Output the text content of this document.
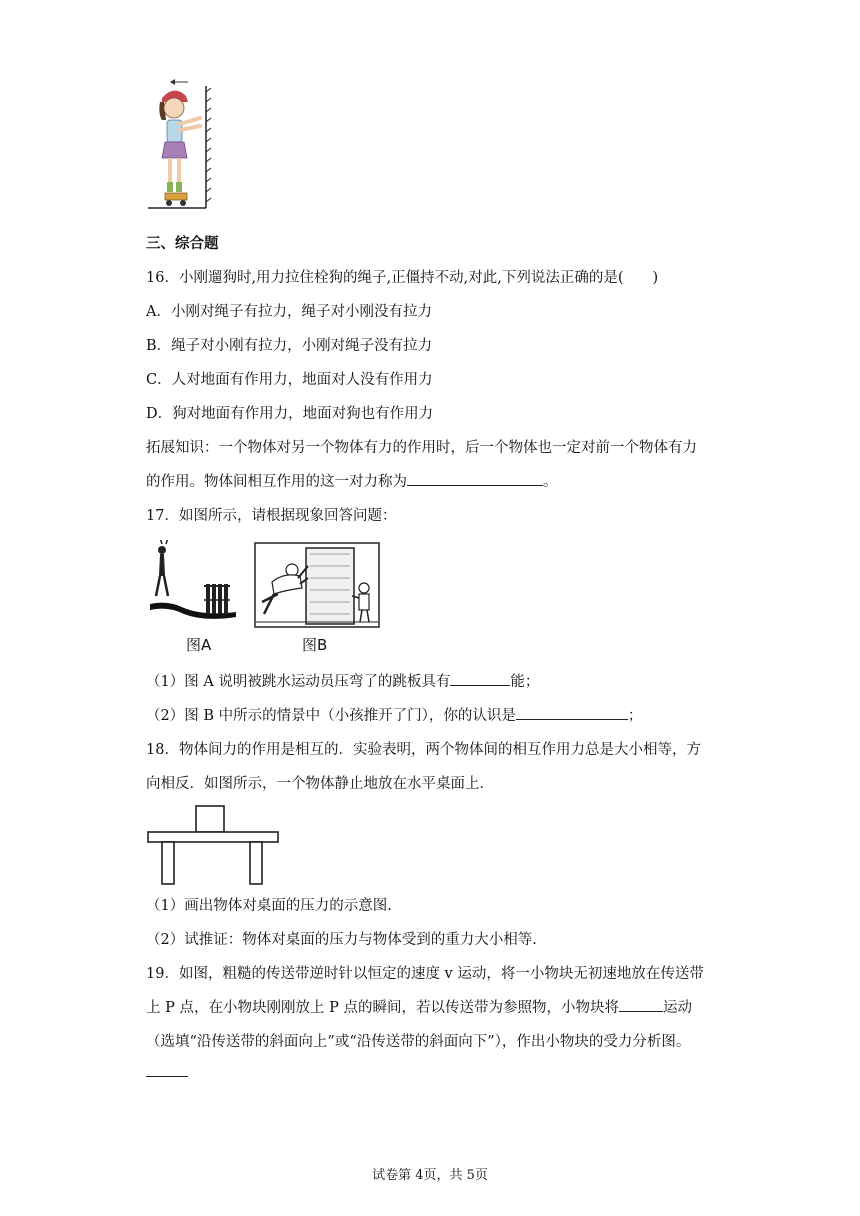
三、综合题
16．小刚遛狗时,用力拉住栓狗的绳子,正僵持不动,对此,下列说法正确的是(　　)
A．小刚对绳子有拉力，绳子对小刚没有拉力
B．绳子对小刚有拉力，小刚对绳子没有拉力
C．人对地面有作用力，地面对人没有作用力
D．狗对地面有作用力，地面对狗也有作用力
拓展知识：一个物体对另一个物体有力的作用时，后一个物体也一定对前一个物体有力
的作用。物体间相互作用的这一对力称为	。
17．如图所示，请根据现象回答问题：
图A	图B
（1）图 A 说明被跳水运动员压弯了的跳板具有	能；
（2）图 B 中所示的情景中（小孩推开了门），你的认识是	；
18．物体间力的作用是相互的．实验表明，两个物体间的相互作用力总是大小相等，方
向相反．如图所示，一个物体静止地放在水平桌面上．
（1）画出物体对桌面的压力的示意图.
（2）试推证：物体对桌面的压力与物体受到的重力大小相等.
19．如图，粗糙的传送带逆时针以恒定的速度 v 运动，将一小物块无初速地放在传送带
上 P 点，在小物块刚刚放上 P 点的瞬间，若以传送带为参照物，小物块将	运动
（选填“沿传送带的斜面向上”或“沿传送带的斜面向下”），作出小物块的受力分析图。
试卷第 4页，共 5页
